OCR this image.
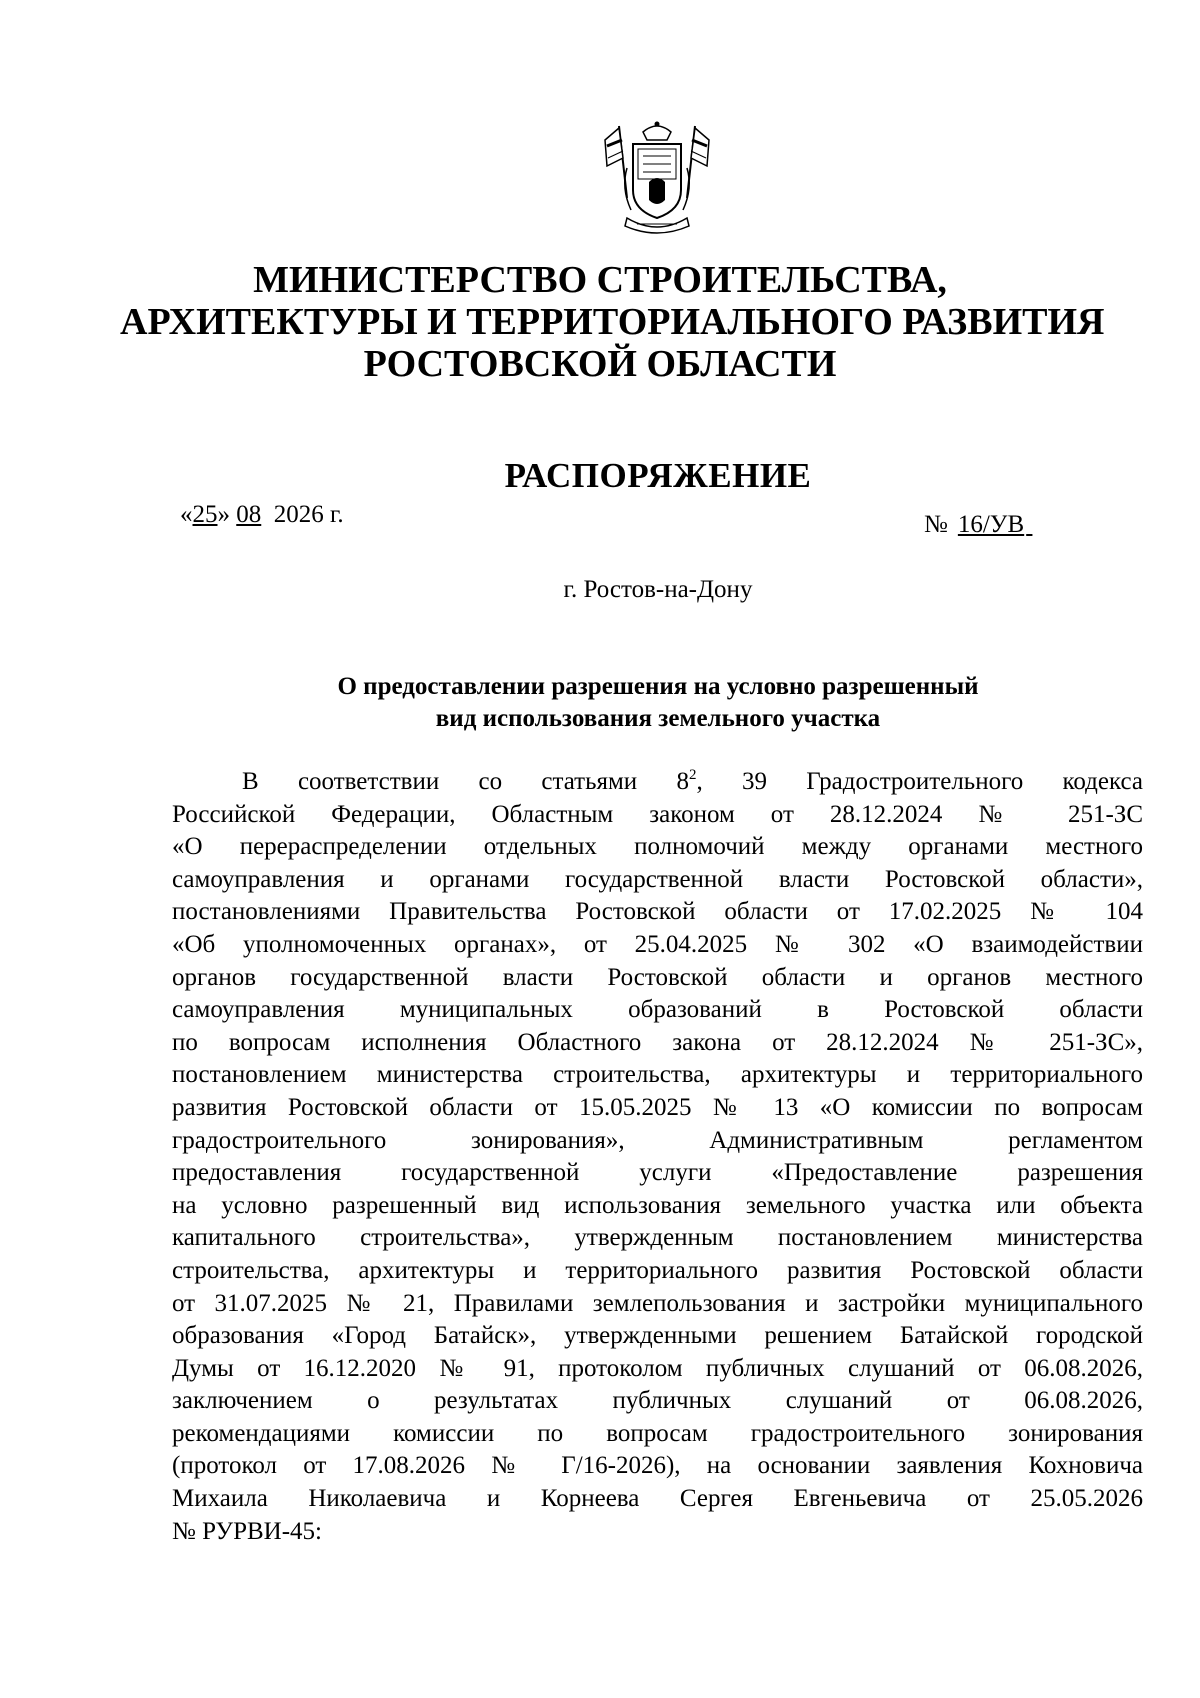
МИНИСТЕРСТВО СТРОИТЕЛЬСТВА,
АРХИТЕКТУРЫ И ТЕРРИТОРИАЛЬНОГО РАЗВИТИЯ
РОСТОВСКОЙ ОБЛАСТИ
РАСПОРЯЖЕНИЕ
«25» 08 2026 г.	№ 16/УВ
г. Ростов-на-Дону
О предоставлении разрешения на условно разрешенный
вид использования земельного участка
В соответствии со статьями $8^2$, 39 Градостроительного кодекса
Российской Федерации, Областным законом от 28.12.2024 № 251-ЗС
«О перераспределении отдельных полномочий между органами местного
самоуправления и органами государственной власти Ростовской области»,
постановлениями Правительства Ростовской области от 17.02.2025 № 104
«Об уполномоченных органах», от 25.04.2025 № 302 «О взаимодействии
органов государственной власти Ростовской области и органов местного
самоуправления муниципальных образований в Ростовской области
по вопросам исполнения Областного закона от 28.12.2024 № 251-ЗС»,
постановлением министерства строительства, архитектуры и территориального
развития Ростовской области от 15.05.2025 № 13 «О комиссии по вопросам
градостроительного зонирования», Административным регламентом
предоставления государственной услуги «Предоставление разрешения
на условно разрешенный вид использования земельного участка или объекта
капитального строительства», утвержденным постановлением министерства
строительства, архитектуры и территориального развития Ростовской области
от 31.07.2025 № 21, Правилами землепользования и застройки муниципального
образования «Город Батайск», утвержденными решением Батайской городской
Думы от 16.12.2020 № 91, протоколом публичных слушаний от 06.08.2026,
заключением о результатах публичных слушаний от 06.08.2026,
рекомендациями комиссии по вопросам градостроительного зонирования
(протокол от 17.08.2026 № Г/16-2026), на основании заявления Кохновича
Михаила Николаевича и Корнеева Сергея Евгеньевича от 25.05.2026
№ РУРВИ-45:
